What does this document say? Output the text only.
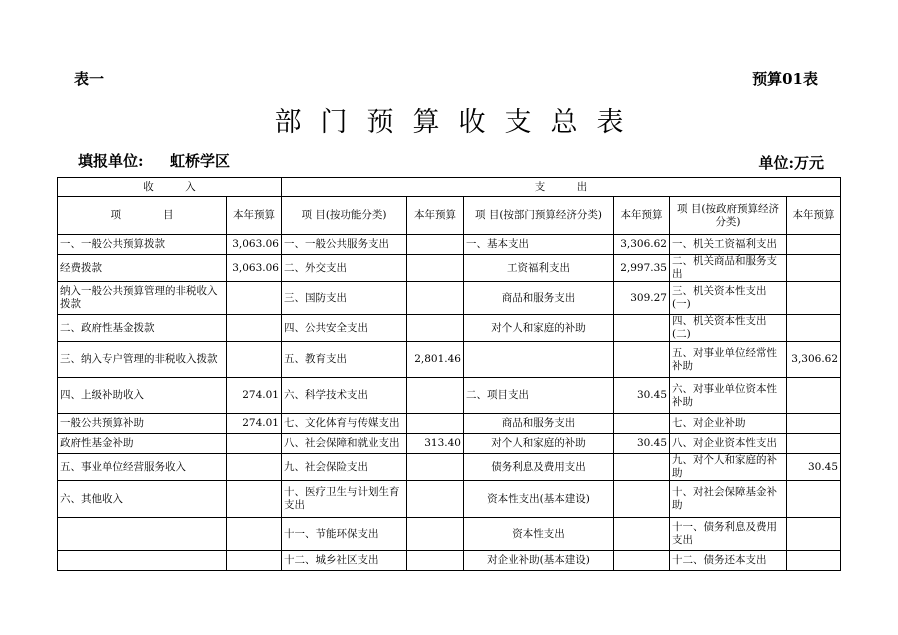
表一	预算01表
部门预算收支总表
填报单位: 虹桥学区	单位:万元
收　　　入		支　　　出					
项　　　　目	本年预算	项 目(按功能分类)	本年预算	项 目(按部门预算经济分类)	本年预算	项 目(按政府预算经济分类)	本年预算
一、一般公共预算拨款	3,063.06	一、一般公共服务支出		一、基本支出	3,306.62	一、机关工资福利支出	
经费拨款	3,063.06	二、外交支出		工资福利支出	2,997.35	二、机关商品和服务支出	
纳入一般公共预算管理的非税收入拨款		三、国防支出		商品和服务支出	309.27	三、机关资本性支出(一)	
二、政府性基金拨款		四、公共安全支出		对个人和家庭的补助		四、机关资本性支出(二)	
三、纳入专户管理的非税收入拨款		五、教育支出	2,801.46			五、对事业单位经常性补助	3,306.62
四、上级补助收入	274.01	六、科学技术支出		二、项目支出	30.45	六、对事业单位资本性补助	
一般公共预算补助	274.01	七、文化体育与传媒支出		商品和服务支出		七、对企业补助	
政府性基金补助		八、社会保障和就业支出	313.40	对个人和家庭的补助	30.45	八、对企业资本性支出	
五、事业单位经营服务收入		九、社会保险支出		债务利息及费用支出		九、对个人和家庭的补助	30.45
六、其他收入		十、医疗卫生与计划生育支出		资本性支出(基本建设)		十、对社会保障基金补助	
		十一、节能环保支出		资本性支出		十一、债务利息及费用支出	
		十二、城乡社区支出		对企业补助(基本建设)		十二、债务还本支出	
